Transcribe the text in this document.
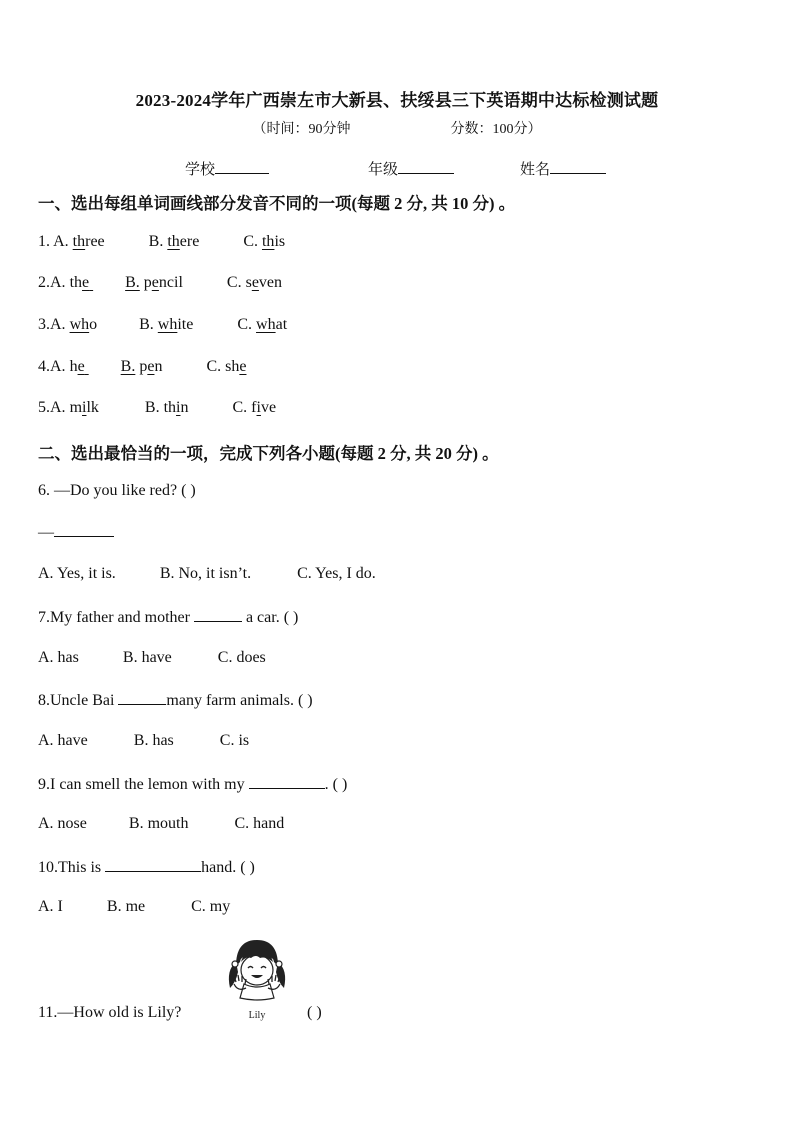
2023-2024学年广西崇左市大新县、扶绥县三下英语期中达标检测试题
（时间：90分钟	分数：100分）
学校	年级	姓名
一、选出每组单词画线部分发音不同的一项(每题 2 分, 共 10 分) 。
1. A. three	B. there	C. this
2.A. the B. pencil	C. seven
3.A. who	B. white	C. what
4.A. he B. pen	C. she
5.A. milk	B. thin	C. five
二、选出最恰当的一项，完成下列各小题(每题 2 分, 共 20 分) 。
6. —Do you like red? ( )
—
A. Yes, it is.	B. No, it isn’t.	C. Yes, I do.
7.My father and mother	a car. ( )
A. has	B. have	C. does
8.Uncle Bai	many farm animals. ( )
A. have	B. has	C. is
9.I can smell the lemon with my	. ( )
A. nose	B. mouth	C. hand
10.This is	hand. ( )
A. I	B. me	C. my
Lily
11.—How old is Lily?	( )
